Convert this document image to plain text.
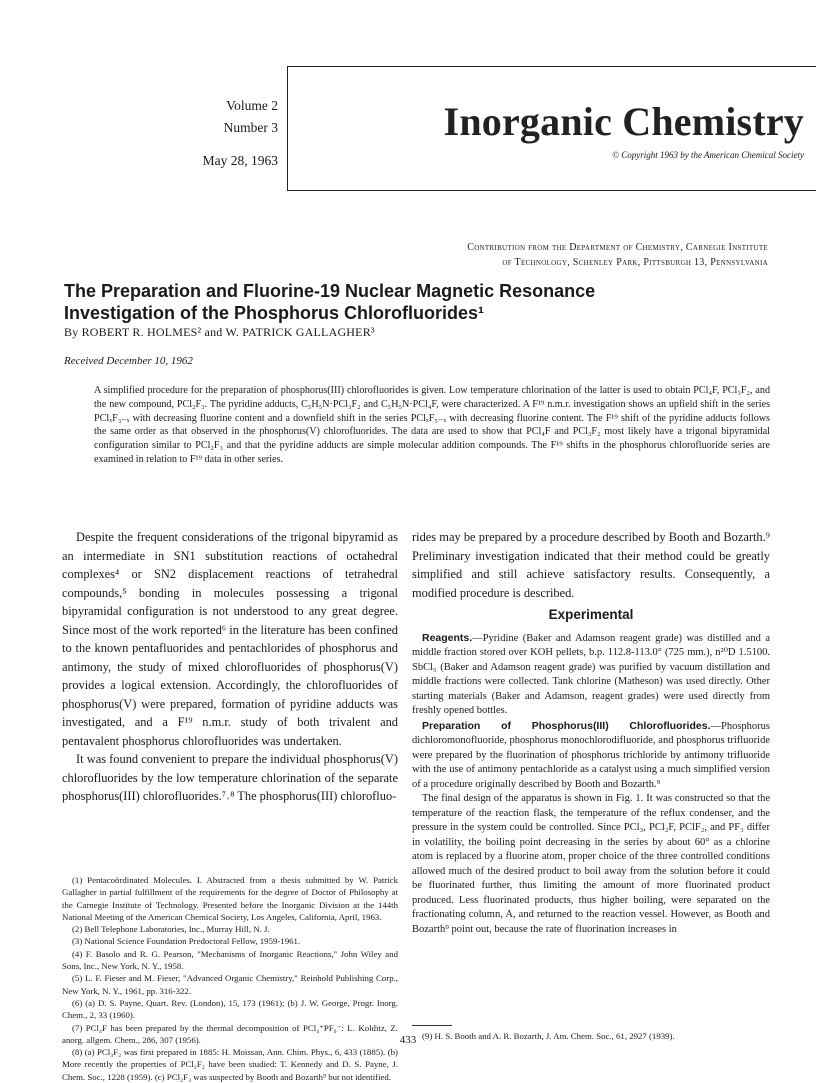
Volume 2
Number 3
May 28, 1963
Inorganic Chemistry
© Copyright 1963 by the American Chemical Society
Contribution from the Department of Chemistry, Carnegie Institute
of Technology, Schenley Park, Pittsburgh 13, Pennsylvania
The Preparation and Fluorine-19 Nuclear Magnetic Resonance
Investigation of the Phosphorus Chlorofluorides¹
By ROBERT R. HOLMES² and W. PATRICK GALLAGHER³
Received December 10, 1962
A simplified procedure for the preparation of phosphorus(III) chlorofluorides is given. Low temperature chlorination of the latter is used to obtain PCl₄F, PCl₃F₂, and the new compound, PCl₂F₃. The pyridine adducts, C₅H₅N·PCl₃F₂ and C₅H₅N·PCl₄F, were characterized. A F¹⁹ n.m.r. investigation shows an upfield shift in the series PClₓF₃₋ₓ with decreasing fluorine content and a downfield shift in the series PClₓF₅₋ₓ with decreasing fluorine content. The F¹⁹ shift of the pyridine adducts follows the same order as that observed in the phosphorus(V) chlorofluorides. The data are used to show that PCl₄F and PCl₃F₂ most likely have a trigonal bipyramidal configuration similar to PCl₂F₃ and that the pyridine adducts are simple molecular addition compounds. The F¹⁹ shifts in the phosphorus chlorofluoride series are examined in relation to F¹⁹ data in other series.

Despite the frequent considerations of the trigonal bipyramid as an intermediate in SN1 substitution reactions of octahedral complexes⁴ or SN2 displacement reactions of tetrahedral compounds,⁵ bonding in molecules possessing a trigonal bipyramidal configuration is not understood to any great degree. Since most of the work reported⁶ in the literature has been confined to the known pentafluorides and pentachlorides of phosphorus and antimony, the study of mixed chlorofluorides of phosphorus(V) provides a logical extension. Accordingly, the chlorofluorides of phosphorus(V) were prepared, formation of pyridine adducts was investigated, and a F¹⁹ n.m.r. study of both trivalent and pentavalent phosphorus chlorofluorides was undertaken.

It was found convenient to prepare the individual phosphorus(V) chlorofluorides by the low temperature chlorination of the separate phosphorus(III) chlorofluorides.⁷˒⁸ The phosphorus(III) chlorofluo-

(1) Pentacoördinated Molecules. I. Abstracted from a thesis submitted by W. Patrick Gallagher in partial fulfillment of the requirements for the degree of Doctor of Philosophy at the Carnegie Institute of Technology. Presented before the Inorganic Division at the 144th National Meeting of the American Chemical Society, Los Angeles, California, April, 1963.

(2) Bell Telephone Laboratories, Inc., Murray Hill, N. J.

(3) National Science Foundation Predoctoral Fellow, 1959-1961.

(4) F. Basolo and R. G. Pearson, "Mechanisms of Inorganic Reactions," John Wiley and Sons, Inc., New York, N. Y., 1958.

(5) L. F. Fieser and M. Fieser, "Advanced Organic Chemistry," Reinhold Publishing Corp., New York, N. Y., 1961, pp. 316-322.

(6) (a) D. S. Payne, Quart. Rev. (London), 15, 173 (1961); (b) J. W. George, Progr. Inorg. Chem., 2, 33 (1960).

(7) PCl₄F has been prepared by the thermal decomposition of PCl₄⁺PF₆⁻: L. Kolditz, Z. anorg. allgem. Chem., 286, 307 (1956).

(8) (a) PCl₃F₂ was first prepared in 1885: H. Moissan, Ann. Chim. Phys., 6, 433 (1885). (b) More recently the properties of PCl₃F₂ have been studied: T. Kennedy and D. S. Payne, J. Chem. Soc., 1228 (1959). (c) PCl₂F₃ was suspected by Booth and Bozarth⁹ but not identified.

rides may be prepared by a procedure described by Booth and Bozarth.⁹ Preliminary investigation indicated that their method could be greatly simplified and still achieve satisfactory results. Consequently, a modified procedure is described.

Experimental

Reagents.—Pyridine (Baker and Adamson reagent grade) was distilled and a middle fraction stored over KOH pellets, b.p. 112.8-113.0° (725 mm.), n²⁰D 1.5100. SbCl₅ (Baker and Adamson reagent grade) was purified by vacuum distillation and middle fractions were collected. Tank chlorine (Matheson) was used directly. Other starting materials (Baker and Adamson, reagent grades) were used directly from freshly opened bottles.

Preparation of Phosphorus(III) Chlorofluorides.—Phosphorus dichloromonofluoride, phosphorus monochlorodifluoride, and phosphorus trifluoride were prepared by the fluorination of phosphorus trichloride by antimony trifluoride with the use of antimony pentachloride as a catalyst using a much simplified version of a procedure originally described by Booth and Bozarth.⁹

The final design of the apparatus is shown in Fig. 1. It was constructed so that the temperature of the reaction flask, the temperature of the reflux condenser, and the pressure in the system could be controlled. Since PCl₃, PCl₂F, PClF₂, and PF₃ differ in volatility, the boiling point decreasing in the series by about 60° as a chlorine atom is replaced by a fluorine atom, proper choice of the three controlled conditions allowed much of the desired product to boil away from the solution before it could be fluorinated further, thus limiting the amount of more fluorinated product produced. Less fluorinated products, thus higher boiling, were separated on the fractionating column, A, and returned to the reaction vessel. However, as Booth and Bozarth⁹ point out, because the rate of fluorination increases in

(9) H. S. Booth and A. R. Bozarth, J. Am. Chem. Soc., 61, 2927 (1939).

433
